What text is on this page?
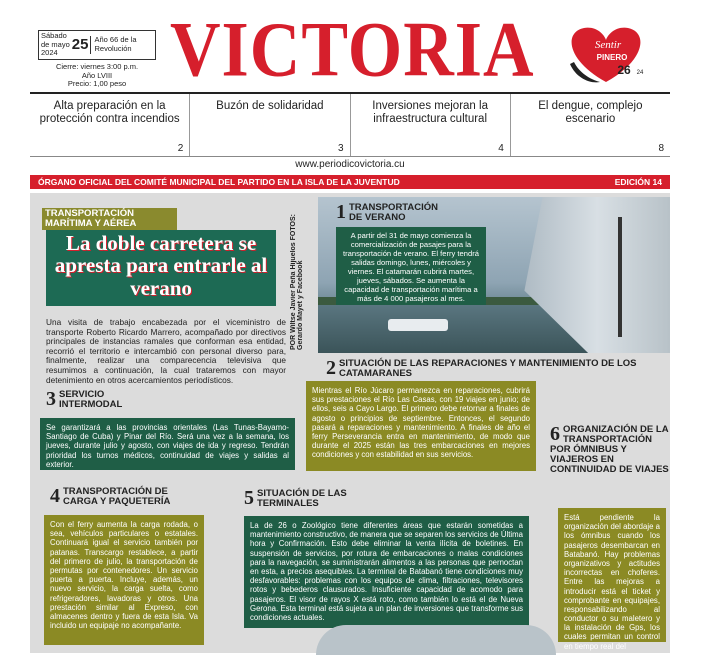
Sábado
de mayo 2024 25 Año 66 de la Revolución
Cierre: viernes 3:00 p.m.
Año LVIII
Precio: 1,00 peso VICTORIA	Sentir
PINERO
26 24
Alta preparación en la protección contra incendios
2
Buzón de solidaridad
3
Inversiones mejoran la infraestructura cultural
4
El dengue, complejo escenario
8
www.periodicovictoria.cu
ÓRGANO OFICIAL DEL COMITÉ MUNICIPAL DEL PARTIDO EN LA ISLA DE LA JUVENTUD	EDICIÓN 14
TRANSPORTACIÓN MARÍTIMA Y AÉREA
La doble carretera se apresta para entrarle al verano
Una visita de trabajo encabezada por el viceministro de transporte Roberto Ricardo Marrero, acompañado por directivos principales de instancias ramales que conforman esa entidad, recorrió el territorio e intercambió con personal diverso para, finalmente, realizar una comparecencia televisiva que resumimos a continuación, la cual trataremos con mayor detenimiento en otros acercamientos periodísticos.
POR Wiltse Javier Peña Hijuelos FOTOS: Gerardo Mayet y Facebook
1 TRANSPORTACIÓN DE VERANO
A partir del 31 de mayo comienza la comercialización de pasajes para la transportación de verano. El ferry tendrá salidas domingo, lunes, miércoles y viernes. El catamarán cubrirá martes, jueves, sábados. Se aumenta la capacidad de transportación marítima a más de 4 000 pasajeros al mes.
2 SITUACIÓN DE LAS REPARACIONES Y MANTENIMIENTO DE LOS CATAMARANES
Mientras el Río Júcaro permanezca en reparaciones, cubrirá sus prestaciones el Río Las Casas, con 19 viajes en junio; de ellos, seis a Cayo Largo. El primero debe retornar a finales de agosto o principios de septiembre. Entonces, el segundo pasará a reparaciones y mantenimiento. A finales de año el ferry Perseverancia entra en mantenimiento, de modo que durante el 2025 están las tres embarcaciones en mejores condiciones y con estabilidad en sus servicios.
3 SERVICIO INTERMODAL
Se garantizará a las provincias orientales (Las Tunas-Bayamo-Santiago de Cuba) y Pinar del Río. Será una vez a la semana, los jueves, durante julio y agosto, con viajes de ida y regreso. Tendrán prioridad los turnos médicos, continuidad de viajes y salidas al exterior.
4 TRANSPORTACIÓN DE CARGA Y PAQUETERÍA
Con el ferry aumenta la carga rodada, o sea, vehículos particulares o estatales. Continuará igual el servicio también por patanas. Transcargo restablece, a partir del primero de julio, la transportación de permutas por contenedores. Un servicio puerta a puerta. Incluye, además, un nuevo servicio, la carga suelta, como refrigeradores, lavadoras y otros. Una prestación similar al Expreso, con almacenes dentro y fuera de esta Isla. Va incluido un equipaje no acompañante.
5 SITUACIÓN DE LAS TERMINALES
La de 26 o Zoológico tiene diferentes áreas que estarán sometidas a mantenimiento constructivo, de manera que se separen los servicios de Última hora y Confirmación. Esto debe eliminar la venta ilícita de boletines. En suspensión de servicios, por rotura de embarcaciones o malas condiciones para la navegación, se suministrarán alimentos a las personas que pernoctan en esta, a precios asequibles. La terminal de Batabanó tiene condiciones muy desfavorables: problemas con los equipos de clima, filtraciones, televisores rotos y bebederos clausurados. Insuficiente capacidad de acomodo para pasajeros. El visor de rayos X está roto, como también lo está el de Nueva Gerona. Esta terminal está sujeta a un plan de inversiones que transforme sus condiciones actuales.
6 ORGANIZACIÓN DE LA TRANSPORTACIÓN POR ÓMNIBUS Y VIAJEROS EN CONTINUIDAD DE VIAJES
Está pendiente la organización del abordaje a los ómnibus cuando los pasajeros desembarcan en Batabanó. Hay problemas organizativos y actitudes incorrectas en choferes. Entre las mejoras a introducir está el ticket y comprobante en equipajes, responsabilizando al conductor o su maletero y la instalación de Gps, los cuales permitan un control en tiempo real del
